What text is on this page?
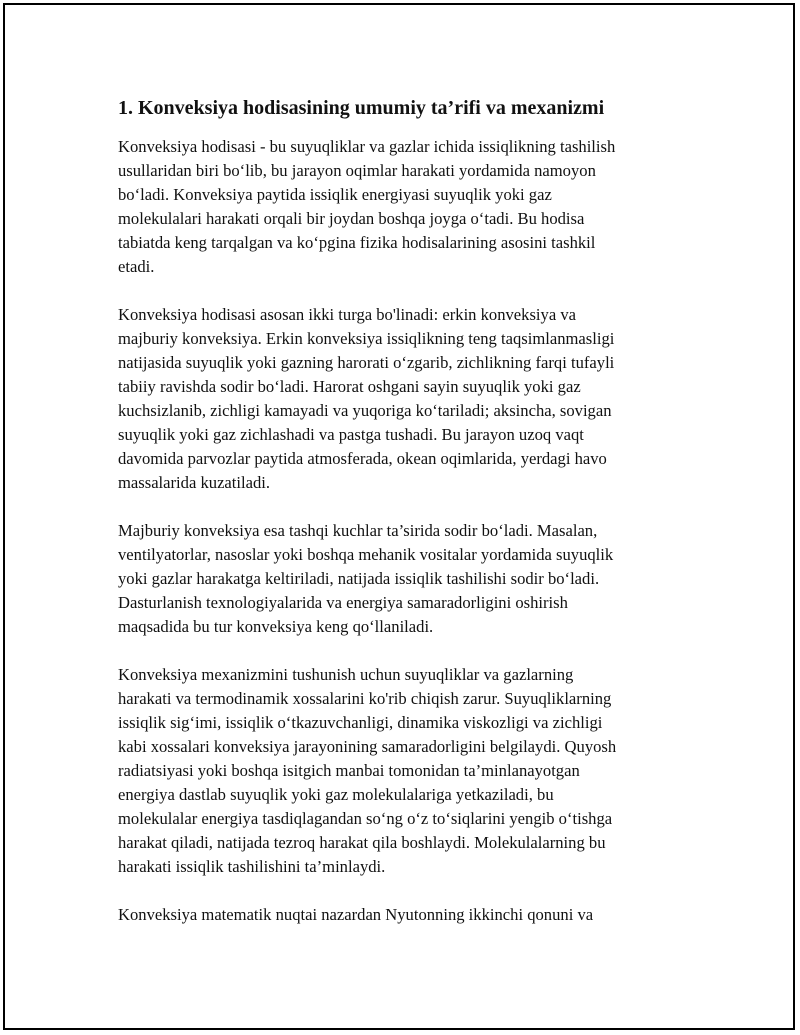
1. Konveksiya hodisasining umumiy ta’rifi va mexanizmi
Konveksiya hodisasi - bu suyuqliklar va gazlar ichida issiqlikning tashilish
usullaridan biri bo‘lib, bu jarayon oqimlar harakati yordamida namoyon
bo‘ladi. Konveksiya paytida issiqlik energiyasi suyuqlik yoki gaz
molekulalari harakati orqali bir joydan boshqa joyga o‘tadi. Bu hodisa
tabiatda keng tarqalgan va ko‘pgina fizika hodisalarining asosini tashkil
etadi.
Konveksiya hodisasi asosan ikki turga bo'linadi: erkin konveksiya va
majburiy konveksiya. Erkin konveksiya issiqlikning teng taqsimlanmasligi
natijasida suyuqlik yoki gazning harorati o‘zgarib, zichlikning farqi tufayli
tabiiy ravishda sodir bo‘ladi. Harorat oshgani sayin suyuqlik yoki gaz
kuchsizlanib, zichligi kamayadi va yuqoriga ko‘tariladi; aksincha, sovigan
suyuqlik yoki gaz zichlashadi va pastga tushadi. Bu jarayon uzoq vaqt
davomida parvozlar paytida atmosferada, okean oqimlarida, yerdagi havo
massalarida kuzatiladi.
Majburiy konveksiya esa tashqi kuchlar ta’sirida sodir bo‘ladi. Masalan,
ventilyatorlar, nasoslar yoki boshqa mehanik vositalar yordamida suyuqlik
yoki gazlar harakatga keltiriladi, natijada issiqlik tashilishi sodir bo‘ladi.
Dasturlanish texnologiyalarida va energiya samaradorligini oshirish
maqsadida bu tur konveksiya keng qo‘llaniladi.
Konveksiya mexanizmini tushunish uchun suyuqliklar va gazlarning
harakati va termodinamik xossalarini ko'rib chiqish zarur. Suyuqliklarning
issiqlik sig‘imi, issiqlik o‘tkazuvchanligi, dinamika viskozligi va zichligi
kabi xossalari konveksiya jarayonining samaradorligini belgilaydi. Quyosh
radiatsiyasi yoki boshqa isitgich manbai tomonidan ta’minlanayotgan
energiya dastlab suyuqlik yoki gaz molekulalariga yetkaziladi, bu
molekulalar energiya tasdiqlagandan so‘ng o‘z to‘siqlarini yengib o‘tishga
harakat qiladi, natijada tezroq harakat qila boshlaydi. Molekulalarning bu
harakati issiqlik tashilishini ta’minlaydi.
Konveksiya matematik nuqtai nazardan Nyutonning ikkinchi qonuni va
